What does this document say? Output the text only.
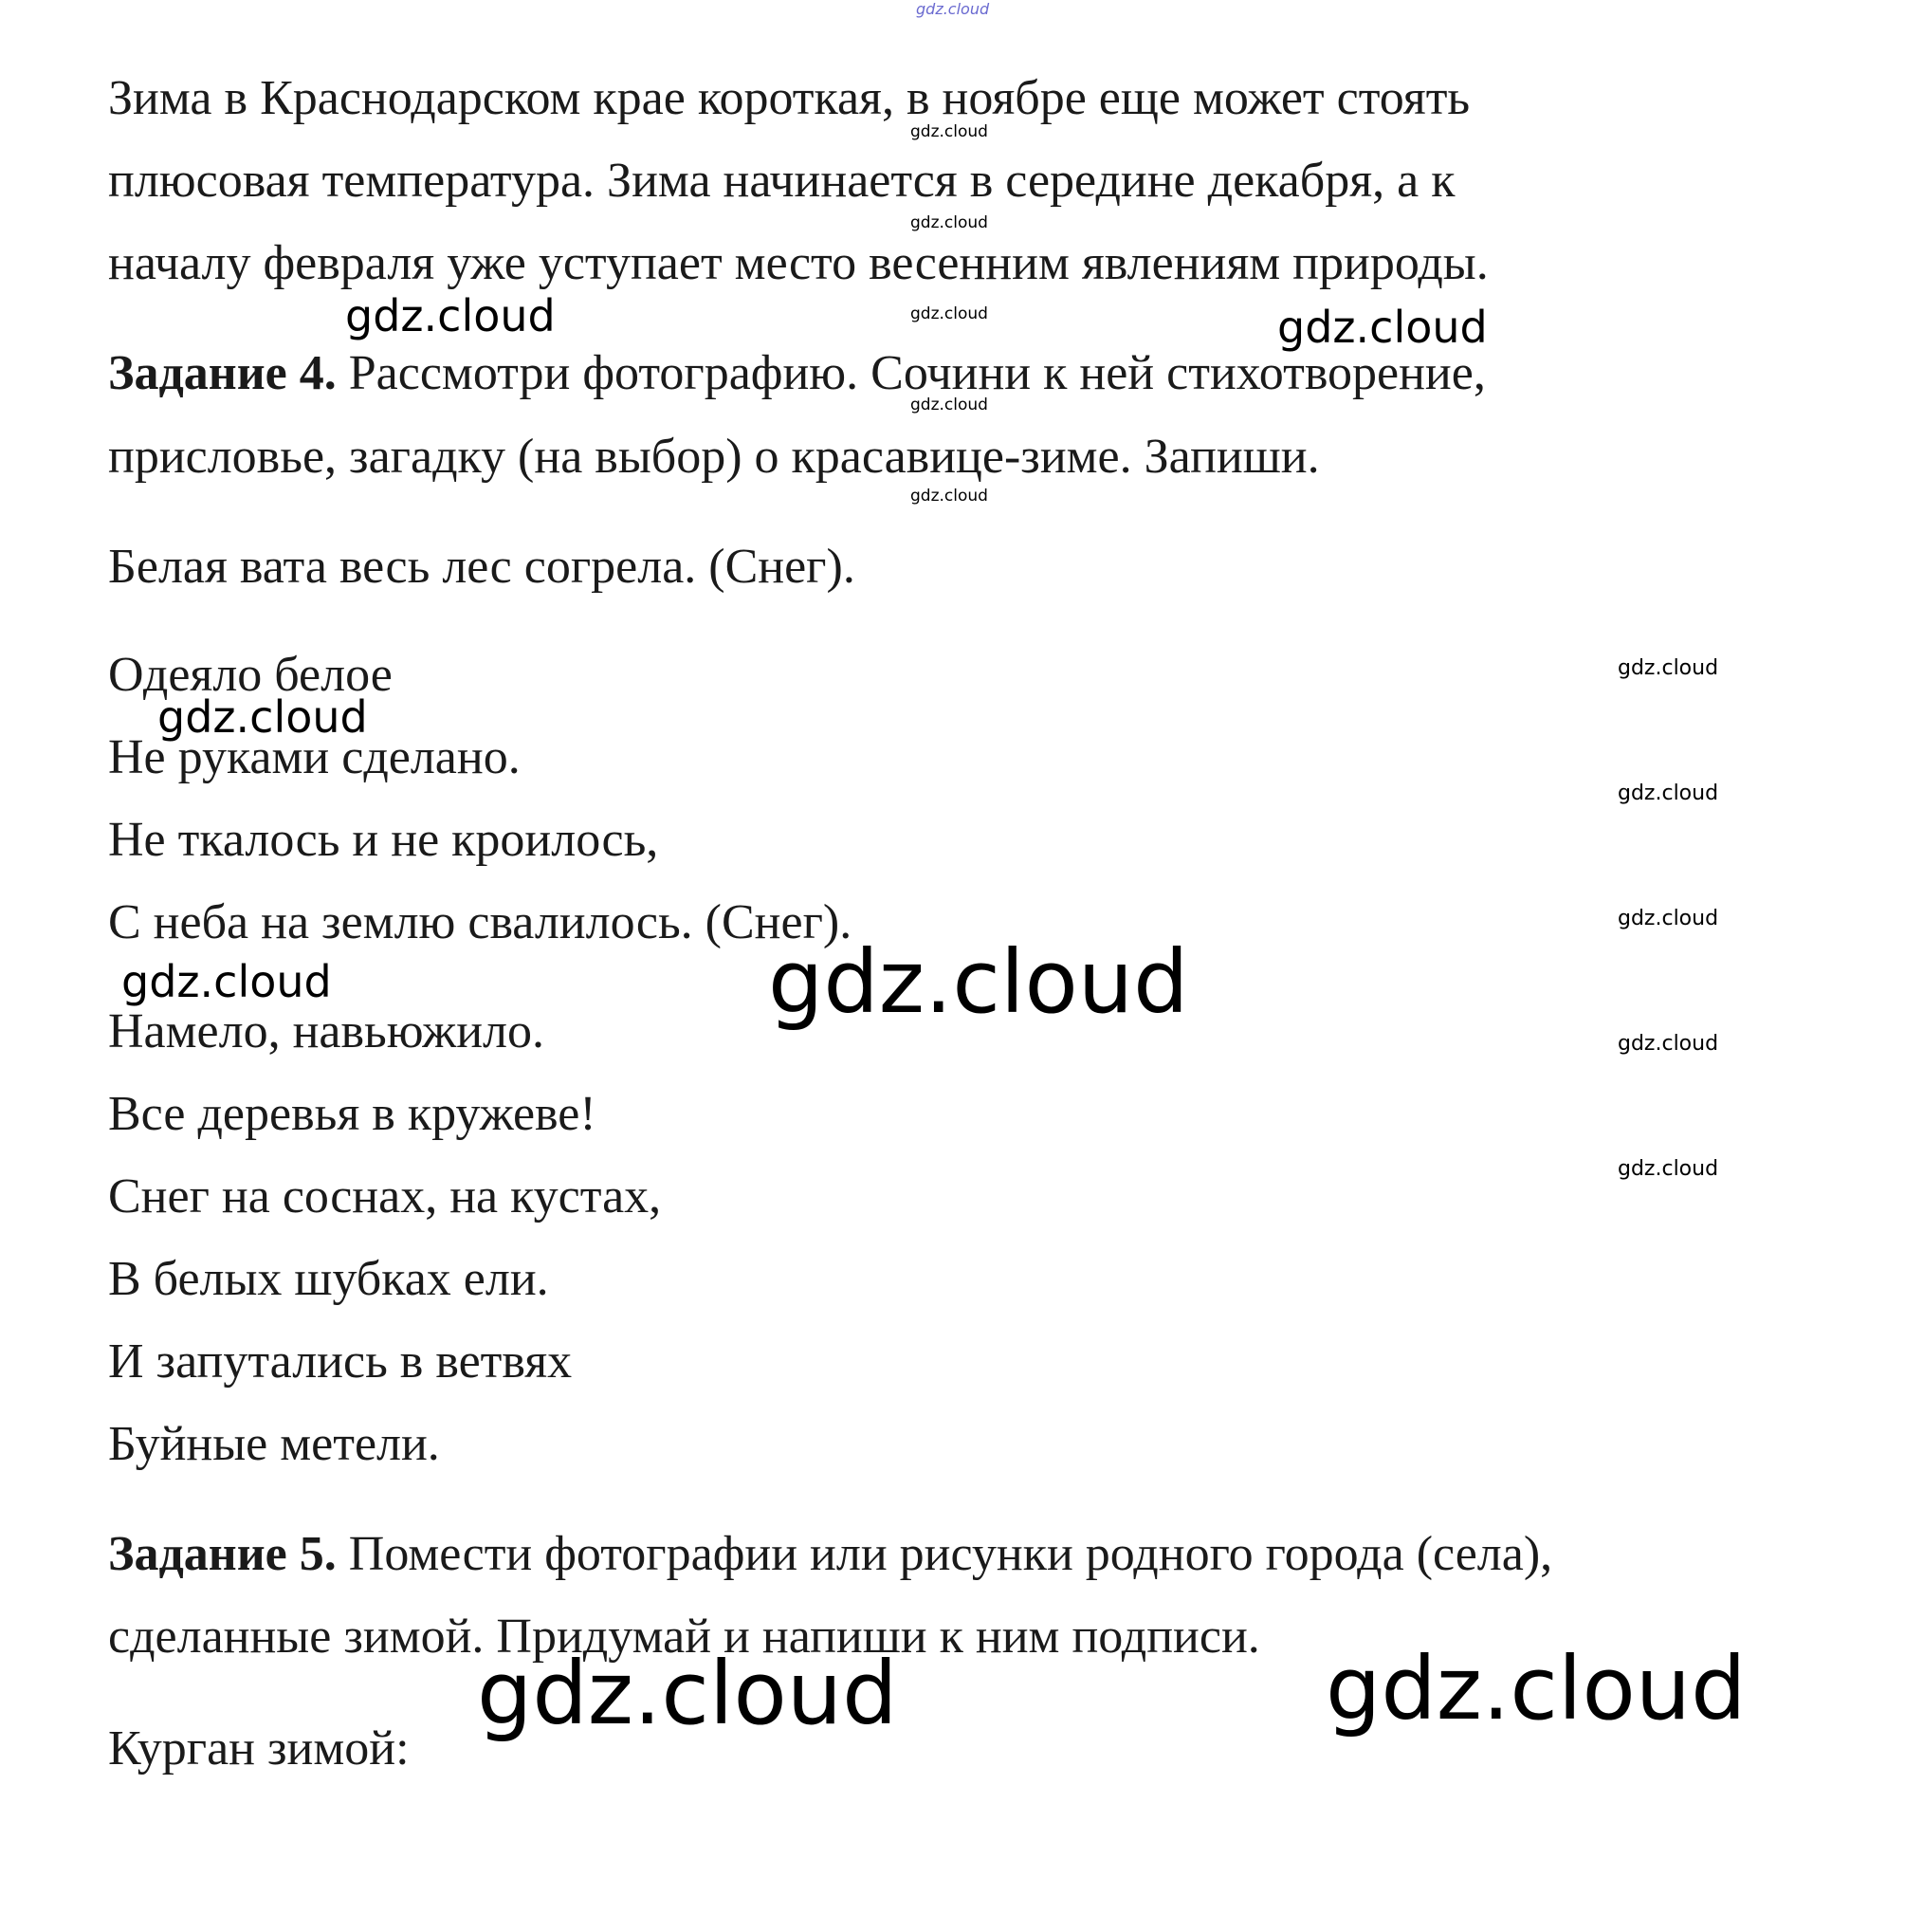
gdz.cloud
Зима в Краснодарском крае короткая, в ноябре еще может стоять
плюсовая температура. Зима начинается в середине декабря, а к
началу февраля уже уступает место весенним явлениям природы.
gdz.cloud
gdz.cloud
gdz.cloud
gdz.cloud
gdz.cloud
gdz.cloud	gdz.cloud
Задание 4. Рассмотри фотографию. Сочини к ней стихотворение,
присловье, загадку (на выбор) о красавице-зиме. Запиши.
Белая вата весь лес согрела. (Снег).
Одеяло белое
Не руками сделано.
Не ткалось и не кроилось,
С неба на землю свалилось. (Снег).
gdz.cloud
gdz.cloud
gdz.cloud
gdz.cloud
gdz.cloud
gdz.cloud
gdz.cloud	gdz.cloud
Намело, навьюжило.
Все деревья в кружеве!
Снег на соснах, на кустах,
В белых шубках ели.
И запутались в ветвях
Буйные метели.
Задание 5. Помести фотографии или рисунки родного города (села),
сделанные зимой. Придумай и напиши к ним подписи.
gdz.cloud	gdz.cloud
Курган зимой:
